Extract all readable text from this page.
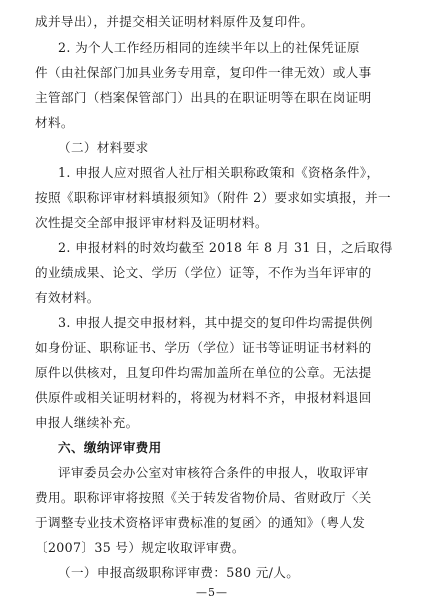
成并导出），并提交相关证明材料原件及复印件。
2. 为个人工作经历相同的连续半年以上的社保凭证原
件（由社保部门加具业务专用章，复印件一律无效）或人事
主管部门（档案保管部门）出具的在职证明等在职在岗证明
材料。
（二）材料要求
1. 申报人应对照省人社厅相关职称政策和《资格条件》，
按照《职称评审材料填报须知》（附件 2）要求如实填报，并一
次性提交全部申报评审材料及证明材料。
2. 申报材料的时效均截至 2018 年 8 月 31 日，之后取得
的业绩成果、论文、学历（学位）证等，不作为当年评审的
有效材料。
3. 申报人提交申报材料，其中提交的复印件均需提供例
如身份证、职称证书、学历（学位）证书等证明证书材料的
原件以供核对，且复印件均需加盖所在单位的公章。无法提
供原件或相关证明材料的，将视为材料不齐，申报材料退回
申报人继续补充。
六、缴纳评审费用
评审委员会办公室对审核符合条件的申报人，收取评审
费用。职称评审将按照《关于转发省物价局、省财政厅〈关
于调整专业技术资格评审费标准的复函〉的通知》（粤人发
〔2007〕35 号）规定收取评审费。
（一）申报高级职称评审费：580 元/人。
—5—
